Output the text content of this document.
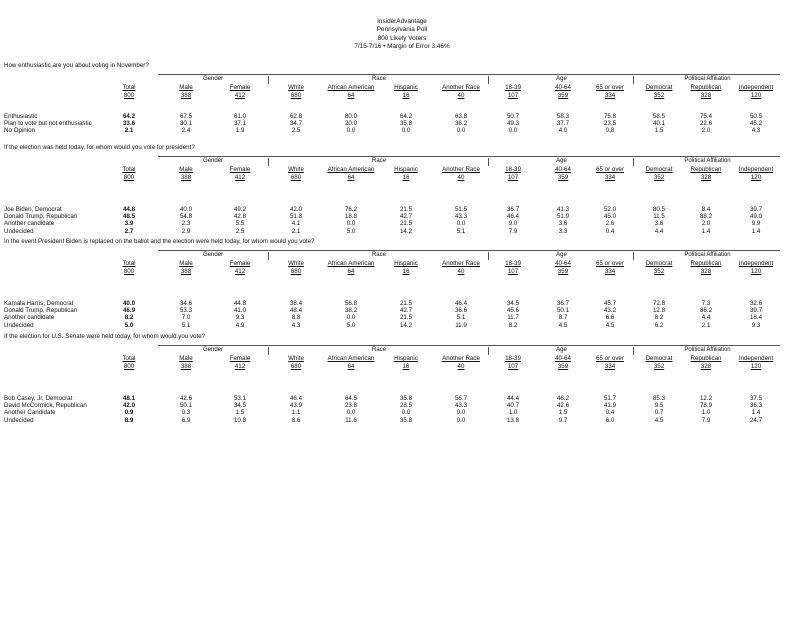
InsiderAdvantage
Pennsylvania Poll
800 Likely Voters
7/15-7/16 • Margin of Error 3.46%
How enthusiastic are you about voting in November?
Gender	Race	Age	Political Affiliation
Total	Male	Female	White	African American	Hispanic	Another Race	18-39	40-64	65 or over	Democrat	Republican	Independent
800	388	412	680	64	16	40	107	359	334	352	328	120
Enthusiastic	64.2	67.5	61.0	62.8	80.0	64.2	63.8	50.7	58.3	75.8	58.5	75.4	50.5
Plan to vote but not enthusiastic	33.6	30.1	37.1	34.7	20.0	35.8	36.2	49.3	37.7	23.5	40.1	22.6	45.2
No Opinion	2.1	2.4	1.9	2.5	0.0	0.0	0.0	0.0	4.0	0.8	1.5	2.0	4.3
If the election was held today, for whom would you vote for president?
Gender	Race	Age	Political Affiliation
Total	Male	Female	White	African American	Hispanic	Another Race	18-39	40-64	65 or over	Democrat	Republican	Independent
800	388	412	680	64	16	40	107	359	334	352	328	120
Joe Biden, Democrat	44.8	40.0	49.2	42.0	76.2	21.5	51.5	36.7	41.3	52.0	80.5	8.4	39.7
Donald Trump, Republican	48.5	54.8	42.8	51.8	18.8	42.7	43.3	46.4	51.9	45.0	11.5	88.2	49.0
Another candidate	3.9	2.3	5.5	4.1	0.0	21.5	0.0	9.0	3.6	2.6	3.6	2.0	9.9
Undecided	2.7	2.9	2.5	2.1	5.0	14.2	5.1	7.9	3.3	0.4	4.4	1.4	1.4
In the event President Biden is replaced on the ballot and the election were held today, for whom would you vote?
Gender	Race	Age	Political Affiliation
Total	Male	Female	White	African American	Hispanic	Another Race	18-39	40-64	65 or over	Democrat	Republican	Independent
800	388	412	680	64	16	40	107	359	334	352	328	120
Kamala Harris, Democrat	40.0	34.6	44.8	38.4	56.8	21.5	46.4	34.5	36.7	45.7	72.8	7.3	32.6
Donald Trump, Republican	46.9	53.3	41.0	48.4	38.2	42.7	36.6	45.6	50.1	43.2	12.8	86.2	39.7
Another candidate	8.2	7.0	9.3	8.8	0.0	21.5	5.1	11.7	8.7	6.6	8.2	4.4	18.4
Undecided	5.0	5.1	4.9	4.3	5.0	14.2	11.9	8.2	4.5	4.5	6.2	2.1	9.3
If the election for U.S. Senate were held today, for whom would you vote?
Gender	Race	Age	Political Affiliation
Total	Male	Female	White	African American	Hispanic	Another Race	18-39	40-64	65 or over	Democrat	Republican	Independent
800	388	412	680	64	16	40	107	359	334	352	328	120
Bob Casey, Jr, Democrat	48.1	42.6	53.1	46.4	64.5	35.8	56.7	44.4	46.2	51.7	85.3	12.2	37.5
David McCormick, Republican	42.0	50.1	34.5	43.9	23.8	28.5	43.3	40.7	42.6	41.9	9.5	78.9	36.3
Another Candidate	0.9	0.3	1.5	1.1	0.0	0.0	0.0	1.0	1.5	0.4	0.7	1.0	1.4
Undecided	8.9	6.9	10.8	8.6	11.6	35.8	0.0	13.8	9.7	6.0	4.5	7.9	24.7
